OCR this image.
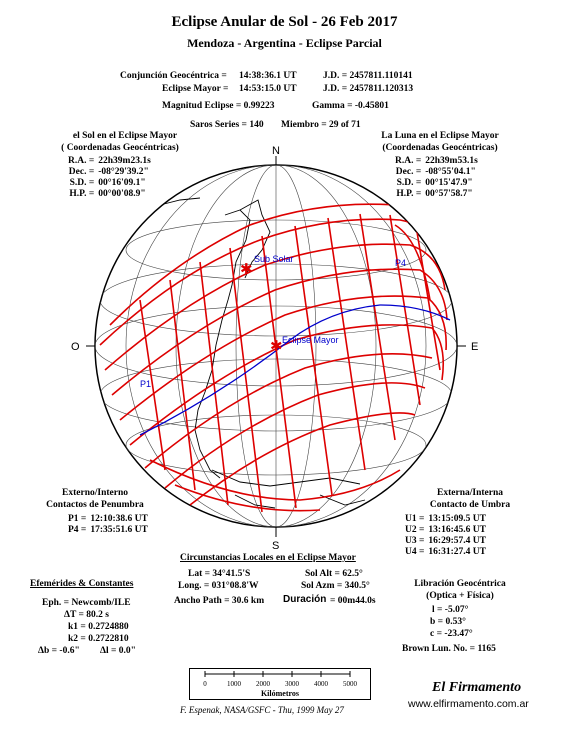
Eclipse Anular de Sol - 26 Feb 2017
Mendoza - Argentina - Eclipse Parcial
Conjunción Geocéntrica = 14:38:36.1 UT	J.D. = 2457811.110141
Eclipse Mayor = 14:53:15.0 UT	J.D. = 2457811.120313
Magnitud Eclipse = 0.99223	Gamma = -0.45801
Saros Series = 140 Miembro = 29 of 71
el Sol en el Eclipse Mayor
( Coordenadas Geocéntricas)
R.A. =	22h39m23.1s
Dec. =	-08°29'39.2"
S.D. =	00°16'09.1"
H.P. =	00°00'08.9"
La Luna en el Eclipse Mayor
(Coordenadas Geocéntricas)
R.A. =	22h39m53.1s
Dec. =	-08°55'04.1"
S.D. =	00°15'47.9"
H.P. =	00°57'58.7"
✱
✱
Sub Solar
Eclipse Mayor
P1
P4
N
S
O	E
Externo/Interno
Contactos de Penumbra
P1 =	12:10:38.6 UT
P4 =	17:35:51.6 UT
Externa/Interna
Contacto de Umbra
U1 =	13:15:09.5 UT
U2 =	13:16:45.6 UT
U3 =	16:29:57.4 UT
U4 =	16:31:27.4 UT
Circunstancias Locales en el Eclipse Mayor
Lat = 34°41.5'S
Long. = 031°08.8'W
Sol Alt = 62.5°
Sol Azm = 340.5°
Ancho Path = 30.6 km Duración = 00m44.0s
Efemérides & Constantes
Eph. = Newcomb/ILE
ΔT = 80.2 s
k1 = 0.2724880
k2 = 0.2722810
Δb = -0.6" Δl = 0.0"
Libración Geocéntrica
(Optica + Física)
l = -5.07°
b = 0.53°
c = -23.47°
Brown Lun. No. = 1165
0	1000 2000 3000 4000 5000
Kilómetros
F. Espenak, NASA/GSFC - Thu, 1999 May 27
El Firmamento
www.elfirmamento.com.ar
